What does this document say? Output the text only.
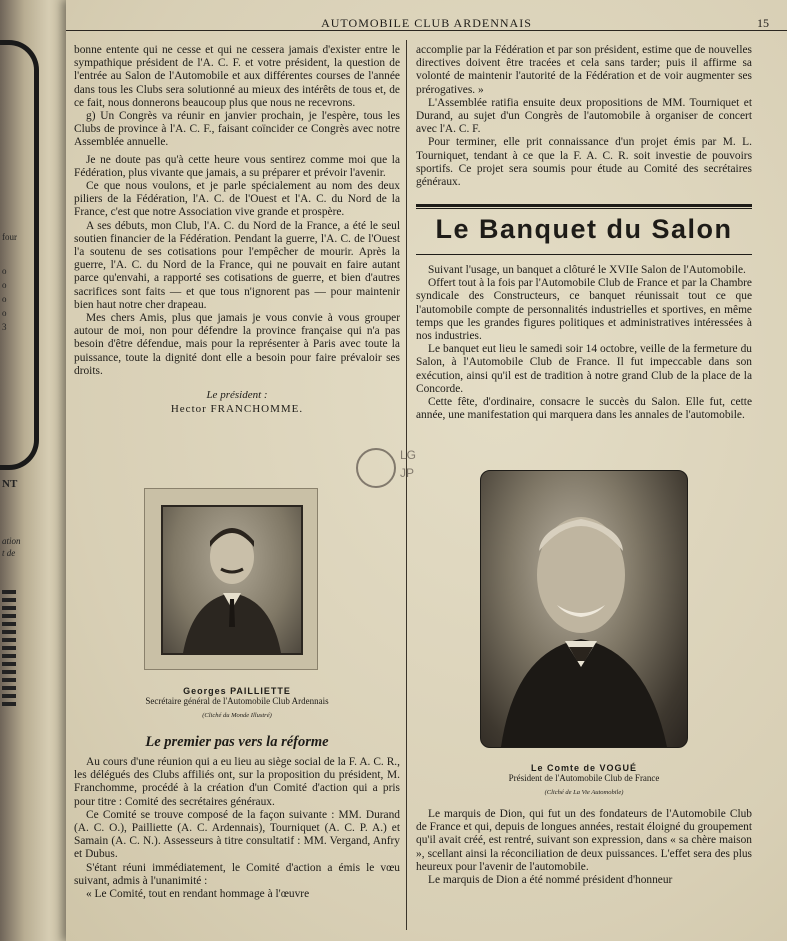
four
o
o
o
o
3
NT
ation
t de
AUTOMOBILE CLUB ARDENNAIS	15

bonne entente qui ne cesse et qui ne cessera jamais d'exister entre le sympathique président de l'A. C. F. et votre président, la question de l'entrée au Salon de l'Automobile et aux différentes courses de l'année dans tous les Clubs sera solutionné au mieux des intérêts de tous et, de ce fait, nous donnerons beaucoup plus que nous ne recevrons.

g) Un Congrès va réunir en janvier prochain, je l'espère, tous les Clubs de province à l'A. C. F., faisant coïncider ce Congrès avec notre Assemblée annuelle.

Je ne doute pas qu'à cette heure vous sentirez comme moi que la Fédération, plus vivante que jamais, a su préparer et prévoir l'avenir.

Ce que nous voulons, et je parle spécialement au nom des deux piliers de la Fédération, l'A. C. de l'Ouest et l'A. C. du Nord de la France, c'est que notre Association vive grande et prospère.

A ses débuts, mon Club, l'A. C. du Nord de la France, a été le seul soutien financier de la Fédération. Pendant la guerre, l'A. C. de l'Ouest l'a soutenu de ses cotisations pour l'empêcher de mourir. Après la guerre, l'A. C. du Nord de la France, qui ne pouvait en faire autant parce qu'envahi, a rapporté ses cotisations de guerre, et bien d'autres sacrifices sont faits — et que tous n'ignorent pas — pour maintenir bien haut notre cher drapeau.

Mes chers Amis, plus que jamais je vous convie à vous grouper autour de moi, non pour défendre la province française qui n'a pas besoin d'être défendue, mais pour la représenter à Paris avec toute la puissance, toute la dignité dont elle a besoin pour faire prévaloir ses droits.

Le président :
Hector FRANCHOMME.
LG
JP
Georges PAILLIETTE
Secrétaire général de l'Automobile Club Ardennais
(Cliché du Monde Illustré)
Le premier pas vers la réforme

Au cours d'une réunion qui a eu lieu au siège social de la F. A. C. R., les délégués des Clubs affiliés ont, sur la proposition du président, M. Franchomme, procédé à la création d'un Comité d'action qui a pris pour titre : Comité des secrétaires généraux.

Ce Comité se trouve composé de la façon suivante : MM. Durand (A. C. O.), Pailliette (A. C. Ardennais), Tourniquet (A. C. P. A.) et Samain (A. C. N.). Assesseurs à titre consultatif : MM. Vergand, Anfry et Dubus.

S'étant réuni immédiatement, le Comité d'action a émis le vœu suivant, admis à l'unanimité :

« Le Comité, tout en rendant hommage à l'œuvre

accomplie par la Fédération et par son président, estime que de nouvelles directives doivent être tracées et cela sans tarder; puis il affirme sa volonté de maintenir l'autorité de la Fédération et de voir augmenter ses prérogatives. »

L'Assemblée ratifia ensuite deux propositions de MM. Tourniquet et Durand, au sujet d'un Congrès de l'automobile à organiser de concert avec l'A. C. F.

Pour terminer, elle prit connaissance d'un projet émis par M. L. Tourniquet, tendant à ce que la F. A. C. R. soit investie de pouvoirs sportifs. Ce projet sera soumis pour étude au Comité des secrétaires généraux.

Le Banquet du Salon

Suivant l'usage, un banquet a clôturé le XVIIe Salon de l'Automobile.

Offert tout à la fois par l'Automobile Club de France et par la Chambre syndicale des Constructeurs, ce banquet réunissait tout ce que l'automobile compte de personnalités industrielles et sportives, en même temps que les grandes figures politiques et administratives intéressées à nos industries.

Le banquet eut lieu le samedi soir 14 octobre, veille de la fermeture du Salon, à l'Automobile Club de France. Il fut impeccable dans son exécution, ainsi qu'il est de tradition à notre grand Club de la place de la Concorde.

Cette fête, d'ordinaire, consacre le succès du Salon. Elle fut, cette année, une manifestation qui marquera dans les annales de l'automobile.

Le Comte de VOGUÉ
Président de l'Automobile Club de France
(Cliché de La Vie Automobile)

Le marquis de Dion, qui fut un des fondateurs de l'Automobile Club de France et qui, depuis de longues années, restait éloigné du groupement qu'il avait créé, est rentré, suivant son expression, dans « sa chère maison », scellant ainsi la réconciliation de deux puissances. L'effet sera des plus heureux pour l'avenir de l'automobile.

Le marquis de Dion a été nommé président d'honneur
